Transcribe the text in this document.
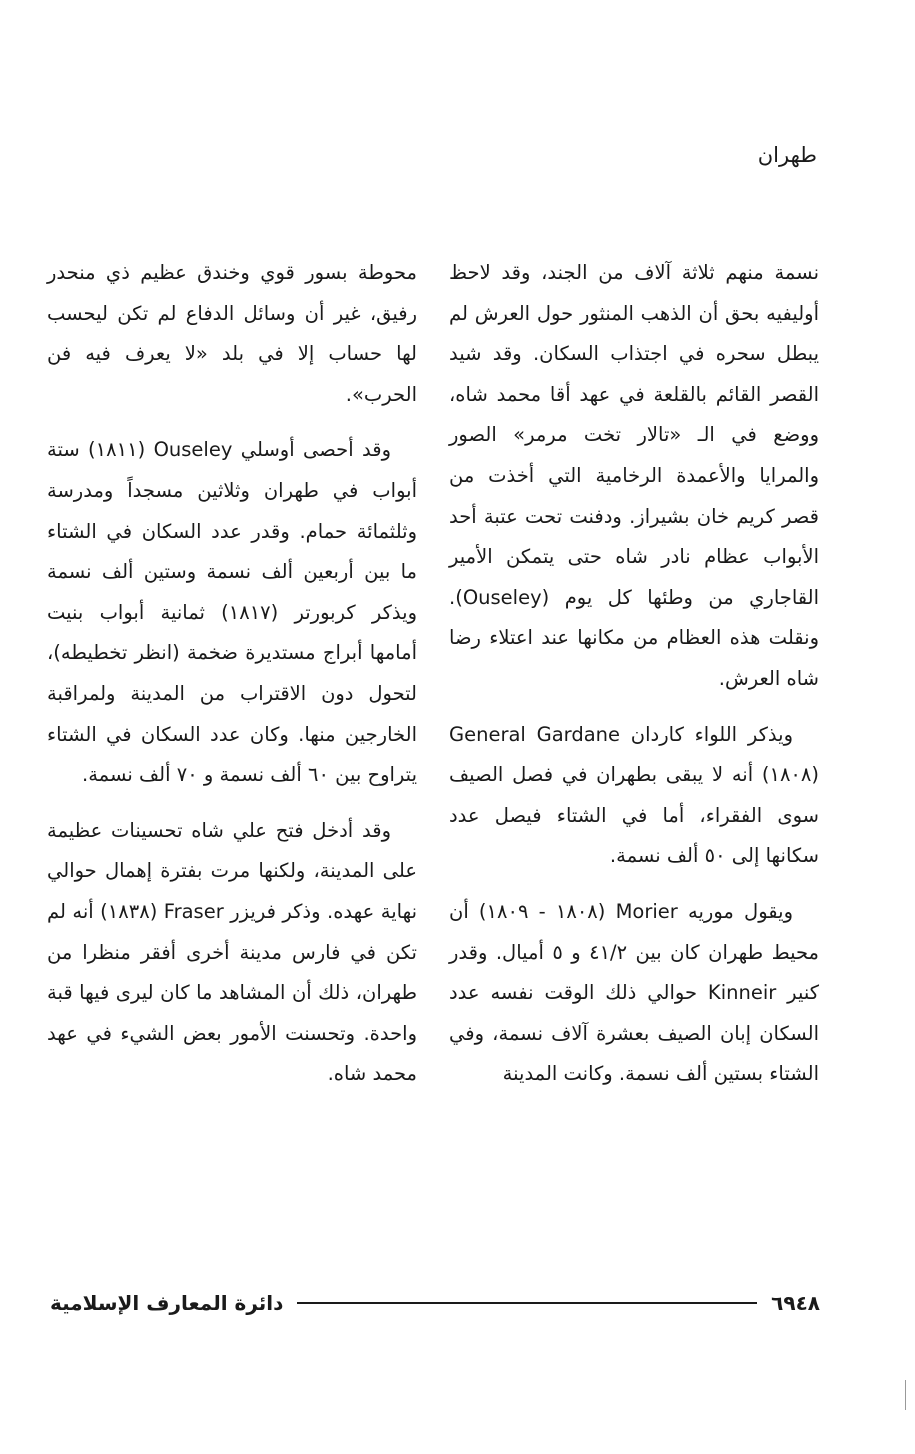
طهران

نسمة منهم ثلاثة آلاف من الجند، وقد لاحظ أوليفيه بحق أن الذهب المنثور حول العرش لم يبطل سحره في اجتذاب السكان. وقد شيد القصر القائم بالقلعة في عهد أقا محمد شاه، ووضع في الـ «تالار تخت مرمر» الصور والمرايا والأعمدة الرخامية التي أخذت من قصر كريم خان بشيراز. ودفنت تحت عتبة أحد الأبواب عظام نادر شاه حتى يتمكن الأمير القاجاري من وطئها كل يوم (Ouseley). ونقلت هذه العظام من مكانها عند اعتلاء رضا شاه العرش.

ويذكر اللواء كاردان General Gardane (١٨٠٨) أنه لا يبقى بطهران في فصل الصيف سوى الفقراء، أما في الشتاء فيصل عدد سكانها إلى ٥٠ ألف نسمة.

ويقول موريه Morier (١٨٠٨ - ١٨٠٩) أن محيط طهران كان بين ٤١/٢ و ٥ أميال. وقدر كنير Kinneir حوالي ذلك الوقت نفسه عدد السكان إبان الصيف بعشرة آلاف نسمة، وفي الشتاء بستين ألف نسمة. وكانت المدينة

محوطة بسور قوي وخندق عظيم ذي منحدر رفيق، غير أن وسائل الدفاع لم تكن ليحسب لها حساب إلا في بلد «لا يعرف فيه فن الحرب».

وقد أحصى أوسلي Ouseley (١٨١١) ستة أبواب في طهران وثلاثين مسجداً ومدرسة وثلثمائة حمام. وقدر عدد السكان في الشتاء ما بين أربعين ألف نسمة وستين ألف نسمة ويذكر كربورتر (١٨١٧) ثمانية أبواب بنيت أمامها أبراج مستديرة ضخمة (انظر تخطيطه)، لتحول دون الاقتراب من المدينة ولمراقبة الخارجين منها. وكان عدد السكان في الشتاء يتراوح بين ٦٠ ألف نسمة و ٧٠ ألف نسمة.

وقد أدخل فتح علي شاه تحسينات عظيمة على المدينة، ولكنها مرت بفترة إهمال حوالي نهاية عهده. وذكر فريزر Fraser (١٨٣٨) أنه لم تكن في فارس مدينة أخرى أفقر منظرا من طهران، ذلك أن المشاهد ما كان ليرى فيها قبة واحدة. وتحسنت الأمور بعض الشيء في عهد محمد شاه.

٦٩٤٨
دائرة المعارف الإسلامية
